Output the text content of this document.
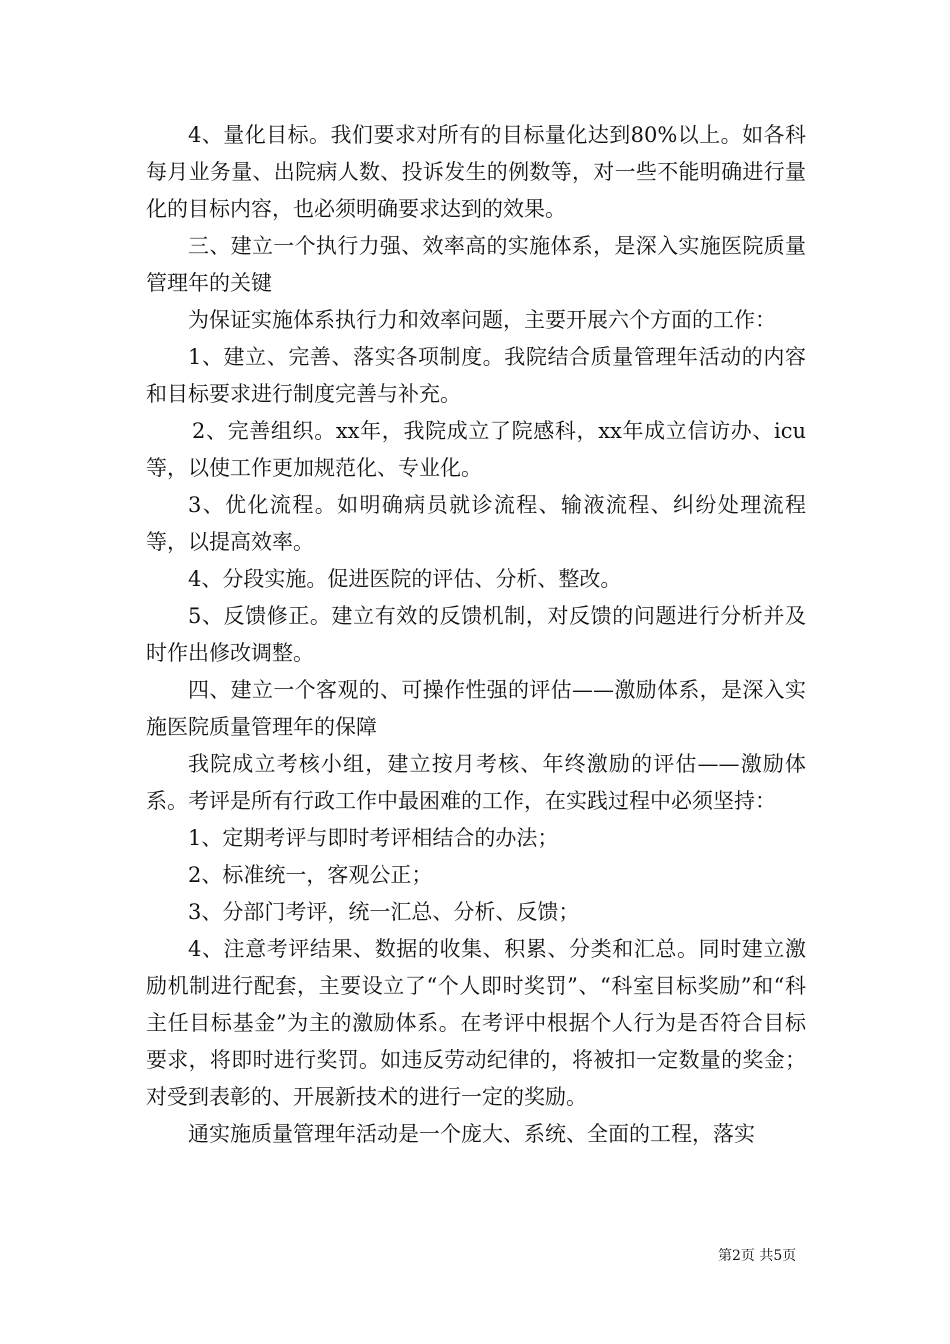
4、量化目标。我们要求对所有的目标量化达到80%以上。如各科每月业务量、出院病人数、投诉发生的例数等，对一些不能明确进行量化的目标内容，也必须明确要求达到的效果。

三、建立一个执行力强、效率高的实施体系，是深入实施医院质量管理年的关键

为保证实施体系执行力和效率问题，主要开展六个方面的工作：

1、建立、完善、落实各项制度。我院结合质量管理年活动的内容和目标要求进行制度完善与补充。

2、完善组织。xx年，我院成立了院感科，xx年成立信访办、icu等，以使工作更加规范化、专业化。

3、优化流程。如明确病员就诊流程、输液流程、纠纷处理流程等，以提高效率。

4、分段实施。促进医院的评估、分析、整改。

5、反馈修正。建立有效的反馈机制，对反馈的问题进行分析并及时作出修改调整。

四、建立一个客观的、可操作性强的评估——激励体系，是深入实施医院质量管理年的保障

我院成立考核小组，建立按月考核、年终激励的评估——激励体系。考评是所有行政工作中最困难的工作，在实践过程中必须坚持：

1、定期考评与即时考评相结合的办法；

2、标准统一，客观公正；

3、分部门考评，统一汇总、分析、反馈；

4、注意考评结果、数据的收集、积累、分类和汇总。同时建立激励机制进行配套，主要设立了“个人即时奖罚”、“科室目标奖励”和“科主任目标基金”为主的激励体系。在考评中根据个人行为是否符合目标要求，将即时进行奖罚。如违反劳动纪律的，将被扣一定数量的奖金；对受到表彰的、开展新技术的进行一定的奖励。

通实施质量管理年活动是一个庞大、系统、全面的工程，落实

第2页 共5页
